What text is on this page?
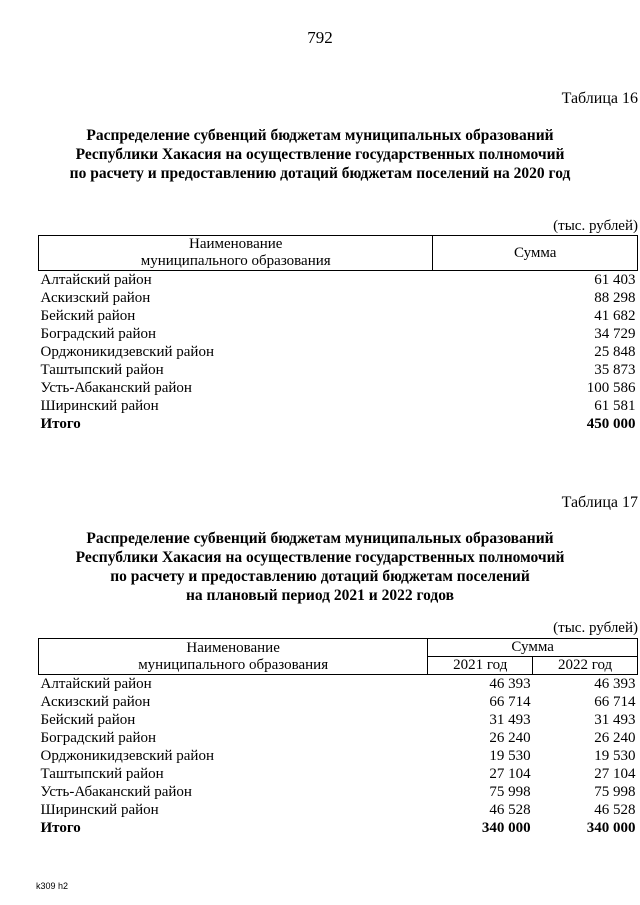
792
Таблица 16
Распределение субвенций бюджетам муниципальных образований
Республики Хакасия на осуществление государственных полномочий
по расчету и предоставлению дотаций бюджетам поселений на 2020 год
(тыс. рублей)
Наименование
муниципального образования	Сумма
Алтайский район	61 403
Аскизский район	88 298
Бейский район	41 682
Боградский район	34 729
Орджоникидзевский район	25 848
Таштыпский район	35 873
Усть-Абаканский район	100 586
Ширинский район	61 581
Итого	450 000
Таблица 17
Распределение субвенций бюджетам муниципальных образований
Республики Хакасия на осуществление государственных полномочий
по расчету и предоставлению дотаций бюджетам поселений
на плановый период 2021 и 2022 годов
(тыс. рублей)
Наименование
муниципального образования	Сумма	
	2021 год	2022 год
Алтайский район	46 393	46 393
Аскизский район	66 714	66 714
Бейский район	31 493	31 493
Боградский район	26 240	26 240
Орджоникидзевский район	19 530	19 530
Таштыпский район	27 104	27 104
Усть-Абаканский район	75 998	75 998
Ширинский район	46 528	46 528
Итого	340 000	340 000
k309 h2
